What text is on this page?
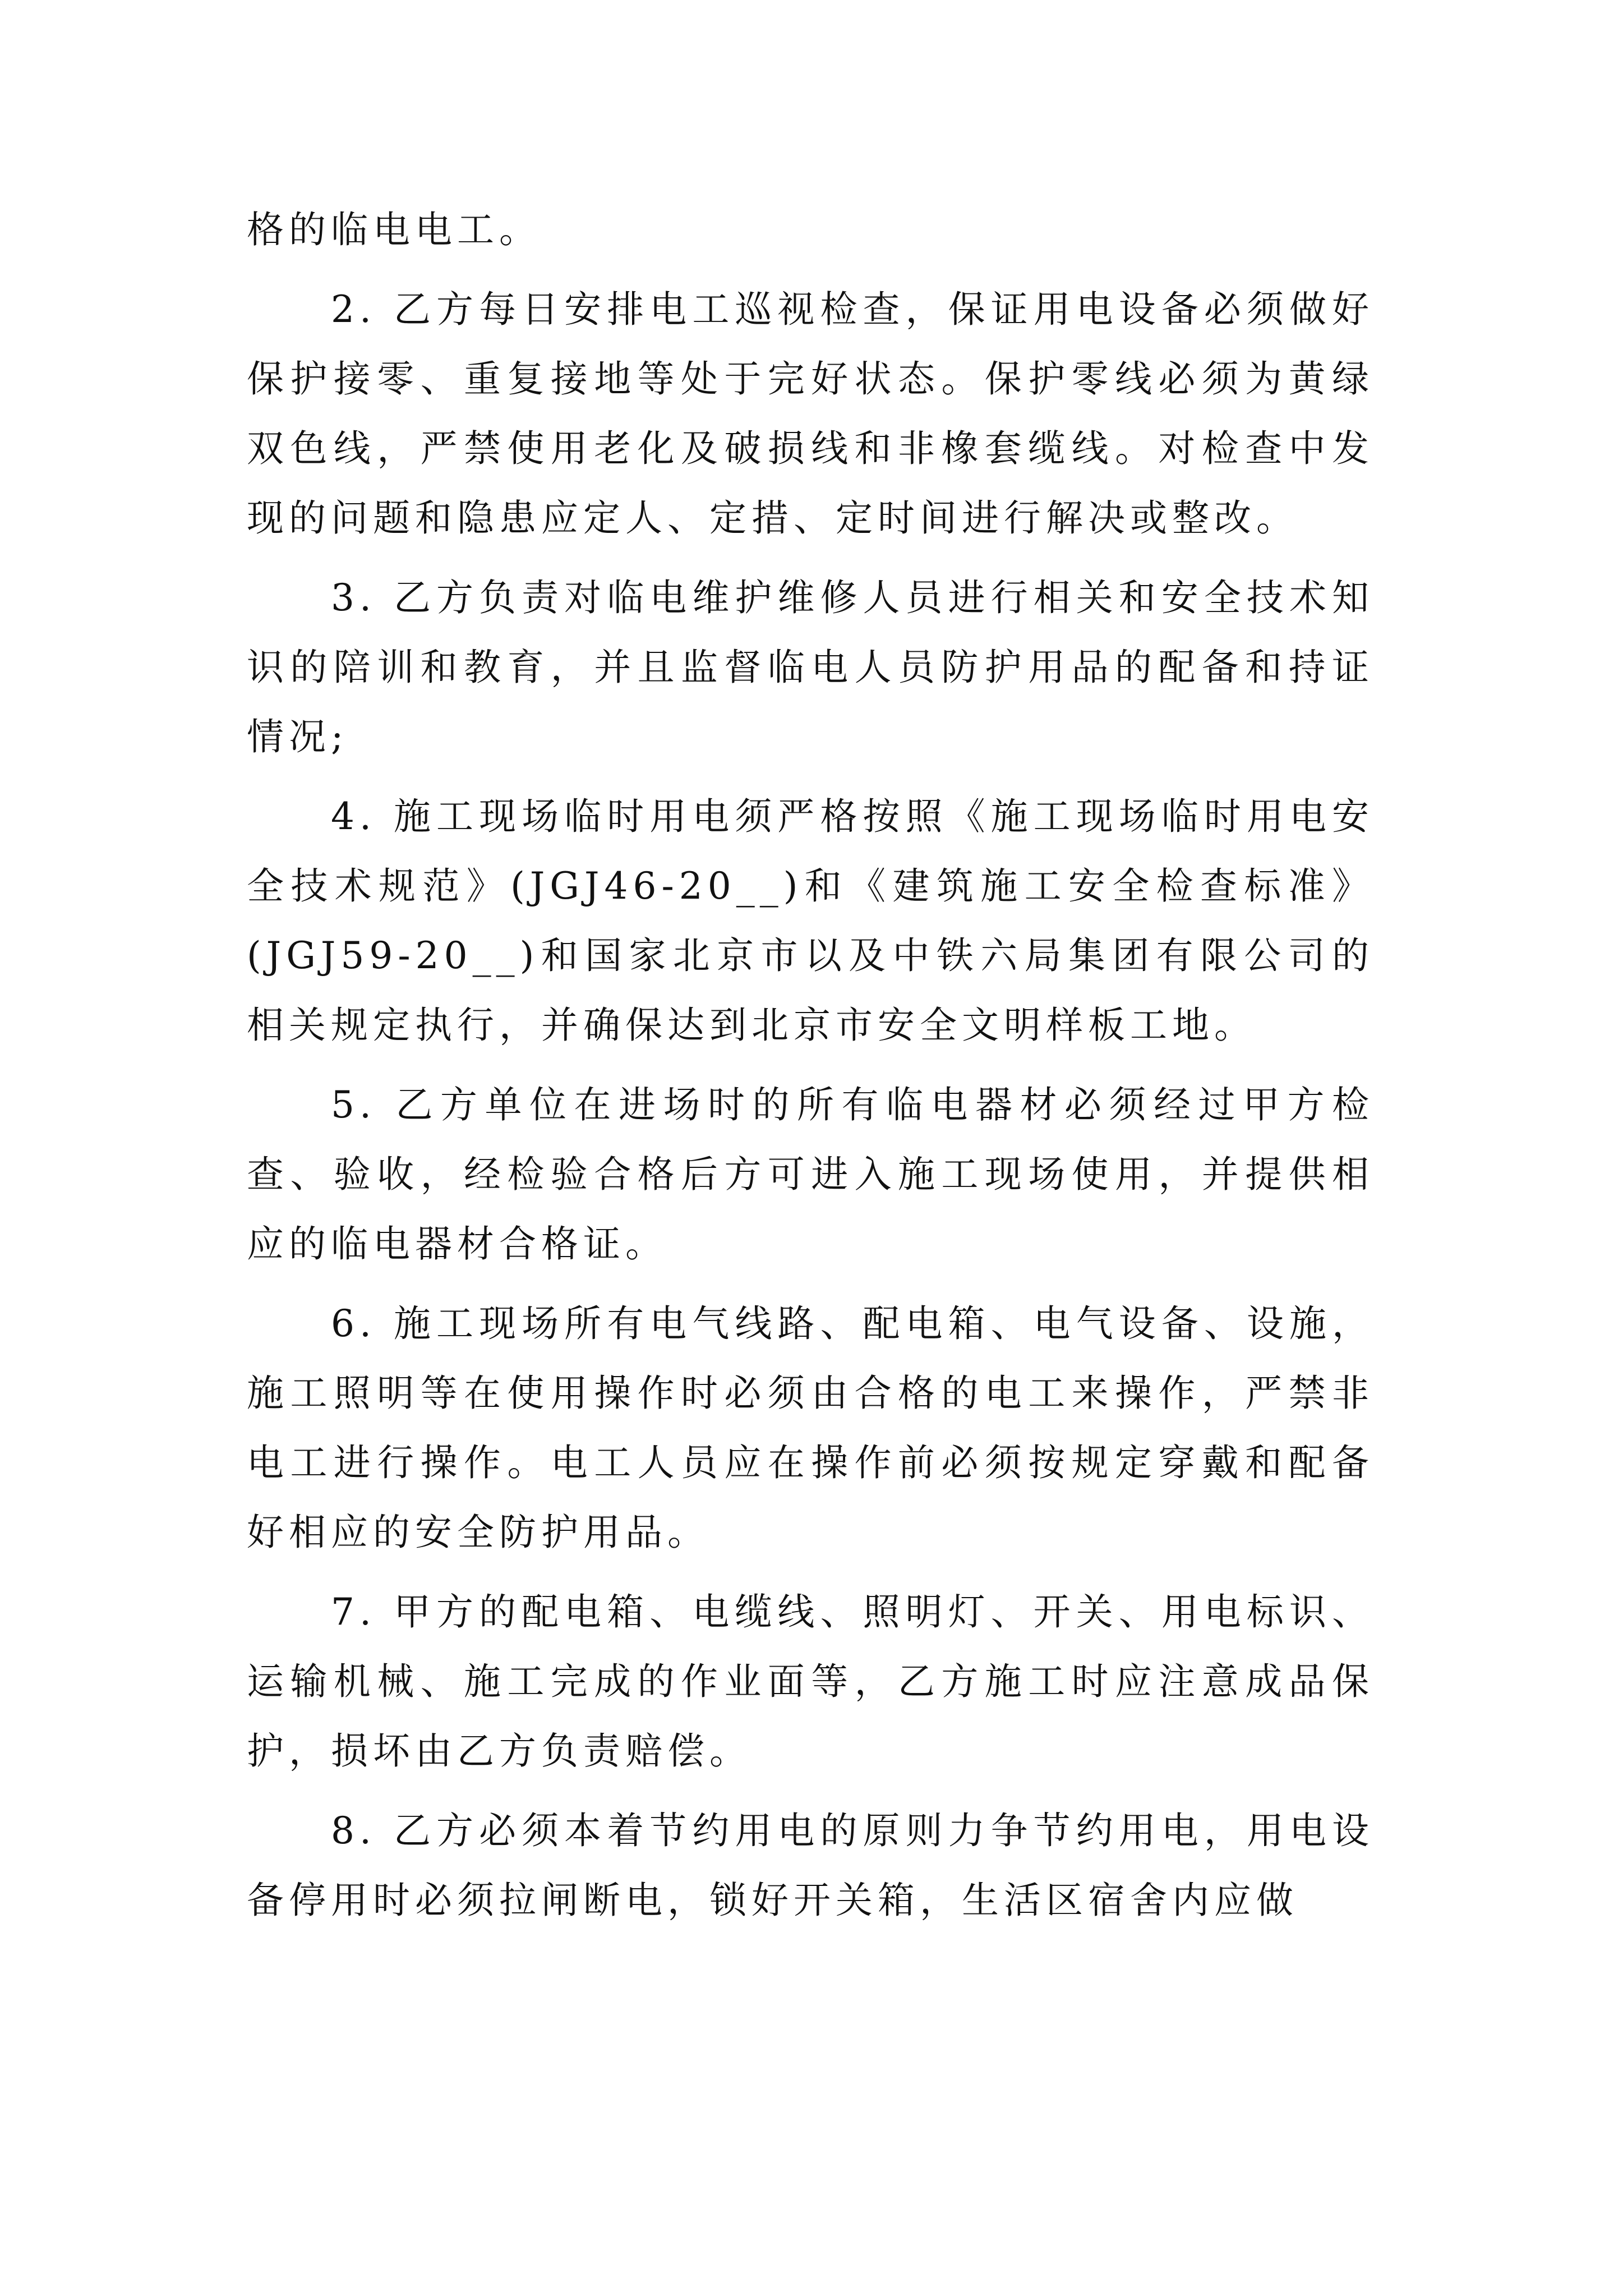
格的临电电工。

2. 乙方每日安排电工巡视检查，保证用电设备必须做好保护接零、重复接地等处于完好状态。保护零线必须为黄绿双色线，严禁使用老化及破损线和非橡套缆线。对检查中发现的问题和隐患应定人、定措、定时间进行解决或整改。

3. 乙方负责对临电维护维修人员进行相关和安全技术知识的陪训和教育，并且监督临电人员防护用品的配备和持证情况;

4. 施工现场临时用电须严格按照《施工现场临时用电安全技术规范》(JGJ46-20__)和《建筑施工安全检查标准》(JGJ59-20__)和国家北京市以及中铁六局集团有限公司的相关规定执行，并确保达到北京市安全文明样板工地。

5. 乙方单位在进场时的所有临电器材必须经过甲方检查、验收，经检验合格后方可进入施工现场使用，并提供相应的临电器材合格证。

6. 施工现场所有电气线路、配电箱、电气设备、设施，施工照明等在使用操作时必须由合格的电工来操作，严禁非电工进行操作。电工人员应在操作前必须按规定穿戴和配备好相应的安全防护用品。

7. 甲方的配电箱、电缆线、照明灯、开关、用电标识、运输机械、施工完成的作业面等，乙方施工时应注意成品保护，损坏由乙方负责赔偿。

8. 乙方必须本着节约用电的原则力争节约用电，用电设备停用时必须拉闸断电，锁好开关箱，生活区宿舍内应做
